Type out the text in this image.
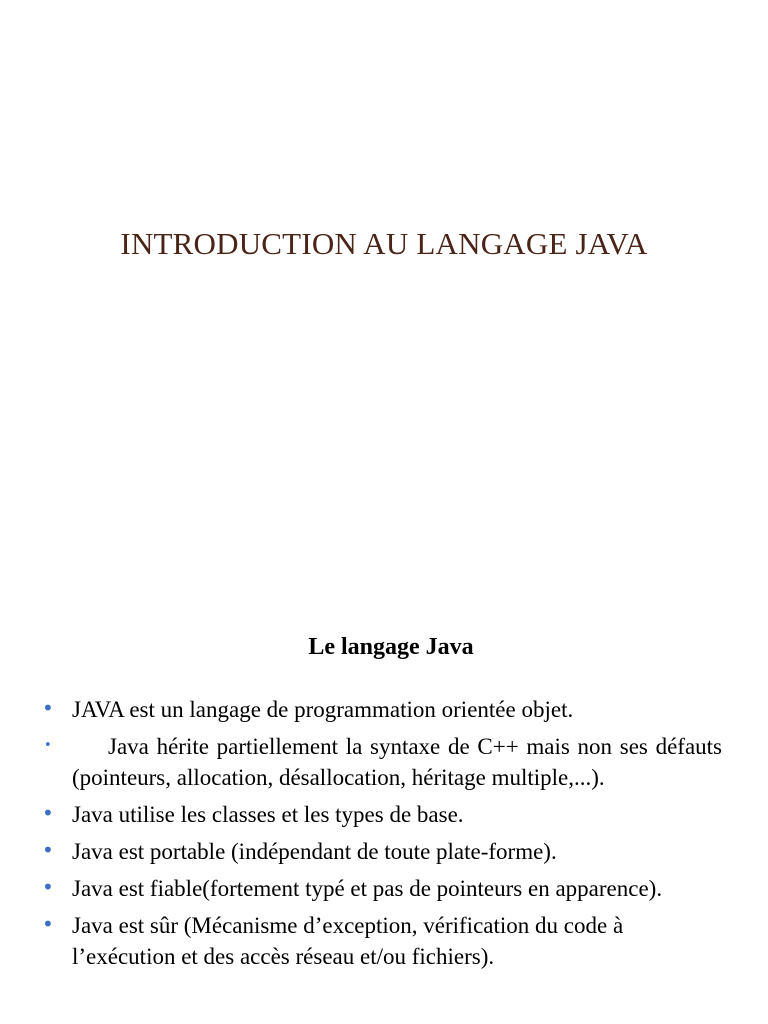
INTRODUCTION AU LANGAGE JAVA
Le langage Java
• JAVA est un langage de programmation orientée objet.
•	Java hérite partiellement la syntaxe de C++ mais non ses défauts (pointeurs, allocation, désallocation, héritage multiple,...).
• Java utilise les classes et les types de base.
• Java est portable (indépendant de toute plate-forme).
• Java est fiable(fortement typé et pas de pointeurs en apparence).
• Java est sûr (Mécanisme d’exception, vérification du code à l’exécution et des accès réseau et/ou fichiers).
